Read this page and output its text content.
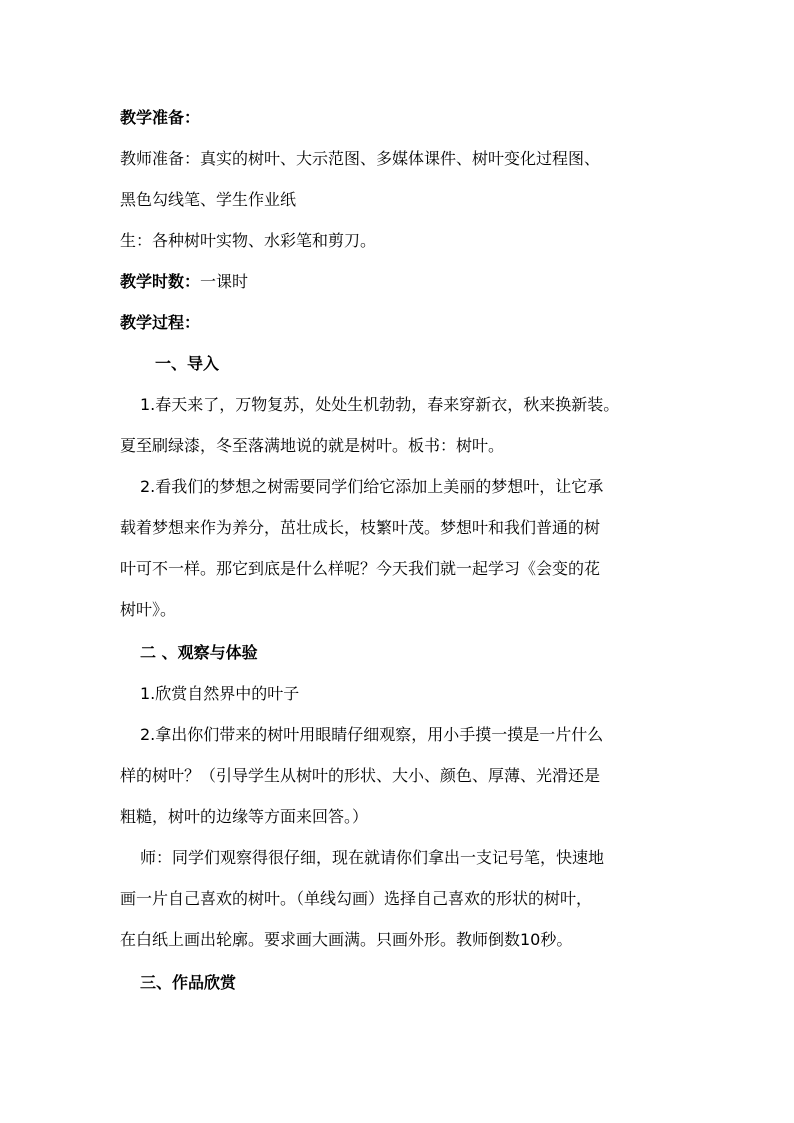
教学准备：
教师准备：真实的树叶、大示范图、多媒体课件、树叶变化过程图、
黑色勾线笔、学生作业纸
生：各种树叶实物、水彩笔和剪刀。
教学时数：一课时
教学过程：
一、导入
1.春天来了，万物复苏，处处生机勃勃，春来穿新衣，秋来换新装。
夏至刷绿漆，冬至落满地说的就是树叶。板书：树叶。
2.看我们的梦想之树需要同学们给它添加上美丽的梦想叶，让它承
载着梦想来作为养分，茁壮成长，枝繁叶茂。梦想叶和我们普通的树
叶可不一样。那它到底是什么样呢？今天我们就一起学习《会变的花
树叶》。
二 、观察与体验
1.欣赏自然界中的叶子
2.拿出你们带来的树叶用眼睛仔细观察，用小手摸一摸是一片什么
样的树叶？（引导学生从树叶的形状、大小、颜色、厚薄、光滑还是
粗糙，树叶的边缘等方面来回答。）
师：同学们观察得很仔细，现在就请你们拿出一支记号笔，快速地
画一片自己喜欢的树叶。（单线勾画）选择自己喜欢的形状的树叶，
在白纸上画出轮廓。要求画大画满。只画外形。教师倒数10秒。
三、作品欣赏
